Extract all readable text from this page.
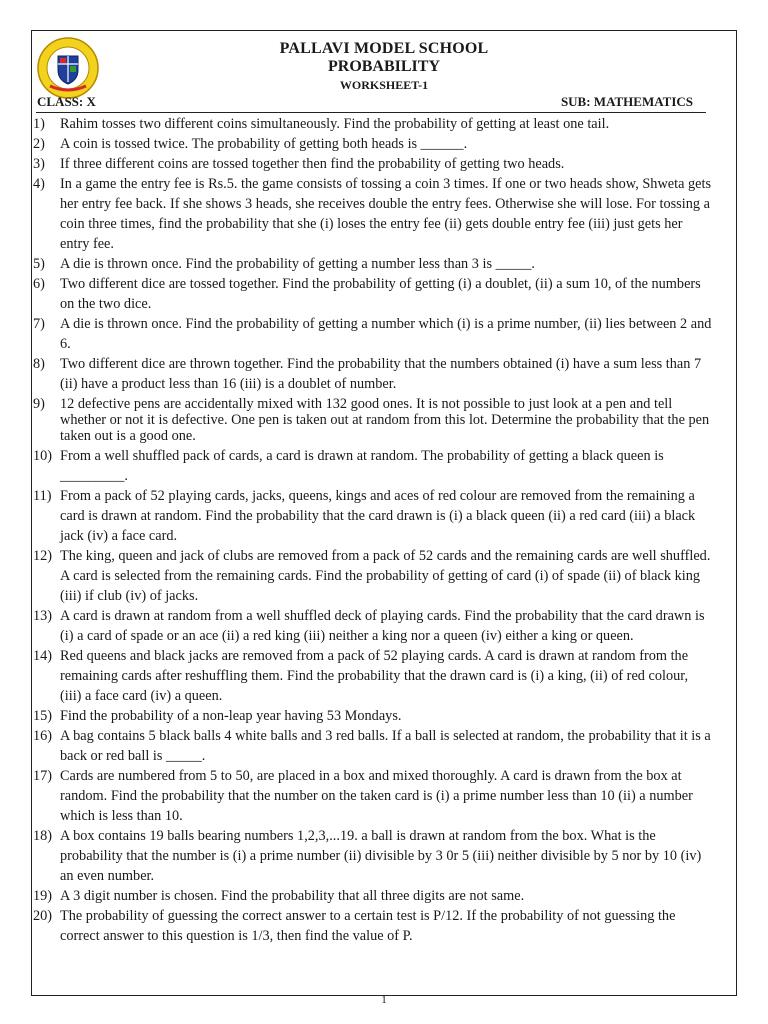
PALLAVI MODEL SCHOOL
PROBABILITY
WORKSHEET-1
CLASS: X	SUB: MATHEMATICS
1) Rahim tosses two different coins simultaneously. Find the probability of getting at least one tail.
2) A coin is tossed twice. The probability of getting both heads is ______.
3) If three different coins are tossed together then find the probability of getting two heads.
4) In a game the entry fee is Rs.5. the game consists of tossing a coin 3 times. If one or two heads show, Shweta gets her entry fee back. If she shows 3 heads, she receives double the entry fees. Otherwise she will lose. For tossing a coin three times, find the probability that she (i) loses the entry fee (ii) gets double entry fee (iii) just gets her entry fee.
5) A die is thrown once. Find the probability of getting a number less than 3 is _____.
6) Two different dice are tossed together. Find the probability of getting (i) a doublet, (ii) a sum 10, of the numbers on the two dice.
7) A die is thrown once. Find the probability of getting a number which (i) is a prime number, (ii) lies between 2 and 6.
8) Two different dice are thrown together. Find the probability that the numbers obtained (i) have a sum less than 7 (ii) have a product less than 16 (iii) is a doublet of number.
9) 12 defective pens are accidentally mixed with 132 good ones. It is not possible to just look at a pen and tell whether or not it is defective. One pen is taken out at random from this lot. Determine the probability that the pen taken out is a good one.
10) From a well shuffled pack of cards, a card is drawn at random. The probability of getting a black queen is _________.
11) From a pack of 52 playing cards, jacks, queens, kings and aces of red colour are removed from the remaining a card is drawn at random. Find the probability that the card drawn is (i) a black queen (ii) a red card (iii) a black jack (iv) a face card.
12) The king, queen and jack of clubs are removed from a pack of 52 cards and the remaining cards are well shuffled. A card is selected from the remaining cards. Find the probability of getting of card (i) of spade (ii) of black king (iii) if club (iv) of jacks.
13) A card is drawn at random from a well shuffled deck of playing cards. Find the probability that the card drawn is (i) a card of spade or an ace (ii) a red king (iii) neither a king nor a queen (iv) either a king or queen.
14) Red queens and black jacks are removed from a pack of 52 playing cards. A card is drawn at random from the remaining cards after reshuffling them. Find the probability that the drawn card is (i) a king, (ii) of red colour, (iii) a face card (iv) a queen.
15) Find the probability of a non-leap year having 53 Mondays.
16) A bag contains 5 black balls 4 white balls and 3 red balls. If a ball is selected at random, the probability that it is a back or red ball is _____.
17) Cards are numbered from 5 to 50, are placed in a box and mixed thoroughly. A card is drawn from the box at random. Find the probability that the number on the taken card is (i) a prime number less than 10 (ii) a number which is less than 10.
18) A box contains 19 balls bearing numbers 1,2,3,...19. a ball is drawn at random from the box. What is the probability that the number is (i) a prime number (ii) divisible by 3 0r 5 (iii) neither divisible by 5 nor by 10 (iv) an even number.
19) A 3 digit number is chosen. Find the probability that all three digits are not same.
20) The probability of guessing the correct answer to a certain test is P/12. If the probability of not guessing the correct answer to this question is 1/3, then find the value of P.
1
